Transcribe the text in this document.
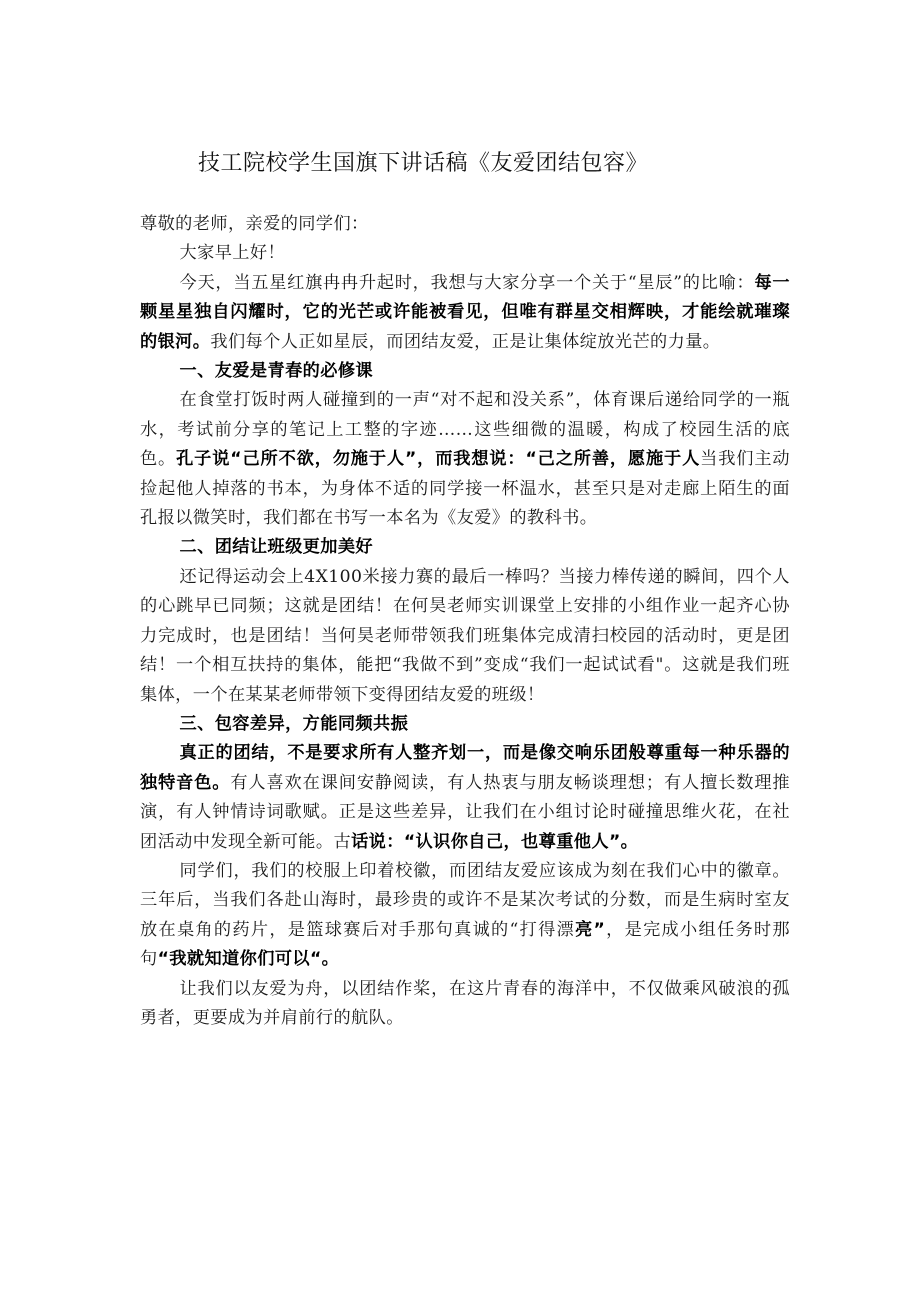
技工院校学生国旗下讲话稿《友爱团结包容》

尊敬的老师，亲爱的同学们：

大家早上好！

今天，当五星红旗冉冉升起时，我想与大家分享一个关于“星辰”的比喻：每一颗星星独自闪耀时，它的光芒或许能被看见，但唯有群星交相辉映，才能绘就璀璨的银河。我们每个人正如星辰，而团结友爱，正是让集体绽放光芒的力量。

一、友爱是青春的必修课

在食堂打饭时两人碰撞到的一声“对不起和没关系”，体育课后递给同学的一瓶水，考试前分享的笔记上工整的字迹……这些细微的温暖，构成了校园生活的底色。孔子说“己所不欲，勿施于人”，而我想说：“己之所善，愿施于人当我们主动捡起他人掉落的书本，为身体不适的同学接一杯温水，甚至只是对走廊上陌生的面孔报以微笑时，我们都在书写一本名为《友爱》的教科书。

二、团结让班级更加美好

还记得运动会上4X100米接力赛的最后一棒吗？当接力棒传递的瞬间，四个人的心跳早已同频；这就是团结！在何昊老师实训课堂上安排的小组作业一起齐心协力完成时，也是团结！当何昊老师带领我们班集体完成清扫校园的活动时，更是团结！一个相互扶持的集体，能把“我做不到”变成“我们一起试试看"。这就是我们班集体，一个在某某老师带领下变得团结友爱的班级！

三、包容差异，方能同频共振

真正的团结，不是要求所有人整齐划一，而是像交响乐团般尊重每一种乐器的独特音色。有人喜欢在课间安静阅读，有人热衷与朋友畅谈理想；有人擅长数理推演，有人钟情诗词歌赋。正是这些差异，让我们在小组讨论时碰撞思维火花，在社团活动中发现全新可能。古话说：“认识你自己，也尊重他人”。

同学们，我们的校服上印着校徽，而团结友爱应该成为刻在我们心中的徽章。三年后，当我们各赴山海时，最珍贵的或许不是某次考试的分数，而是生病时室友放在桌角的药片，是篮球赛后对手那句真诚的“打得漂亮”，是完成小组任务时那句“我就知道你们可以“。

让我们以友爱为舟，以团结作桨，在这片青春的海洋中，不仅做乘风破浪的孤勇者，更要成为并肩前行的航队。
